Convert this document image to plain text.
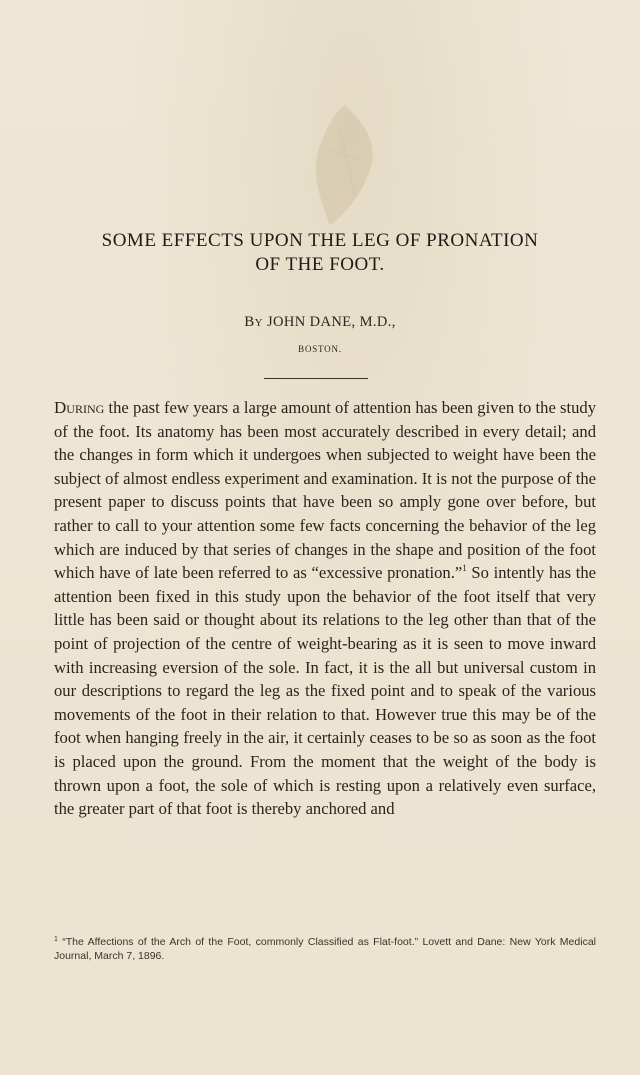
SOME EFFECTS UPON THE LEG OF PRONATION
OF THE FOOT.
By JOHN DANE, M.D.,
BOSTON.

During the past few years a large amount of attention has been given to the study of the foot. Its anatomy has been most accurately described in every detail; and the changes in form which it undergoes when subjected to weight have been the subject of almost endless experiment and examination. It is not the purpose of the present paper to discuss points that have been so amply gone over before, but rather to call to your attention some few facts concerning the behavior of the leg which are induced by that series of changes in the shape and position of the foot which have of late been referred to as “excessive pronation.”$^1$ So intently has the attention been fixed in this study upon the behavior of the foot itself that very little has been said or thought about its relations to the leg other than that of the point of projection of the centre of weight-bearing as it is seen to move inward with increasing eversion of the sole. In fact, it is the all but universal custom in our descriptions to regard the leg as the fixed point and to speak of the various movements of the foot in their relation to that. However true this may be of the foot when hanging freely in the air, it certainly ceases to be so as soon as the foot is placed upon the ground. From the moment that the weight of the body is thrown upon a foot, the sole of which is resting upon a relatively even surface, the greater part of that foot is thereby anchored and

$^1$ “The Affections of the Arch of the Foot, commonly Classified as Flat-foot.” Lovett and Dane: New York Medical Journal, March 7, 1896.
